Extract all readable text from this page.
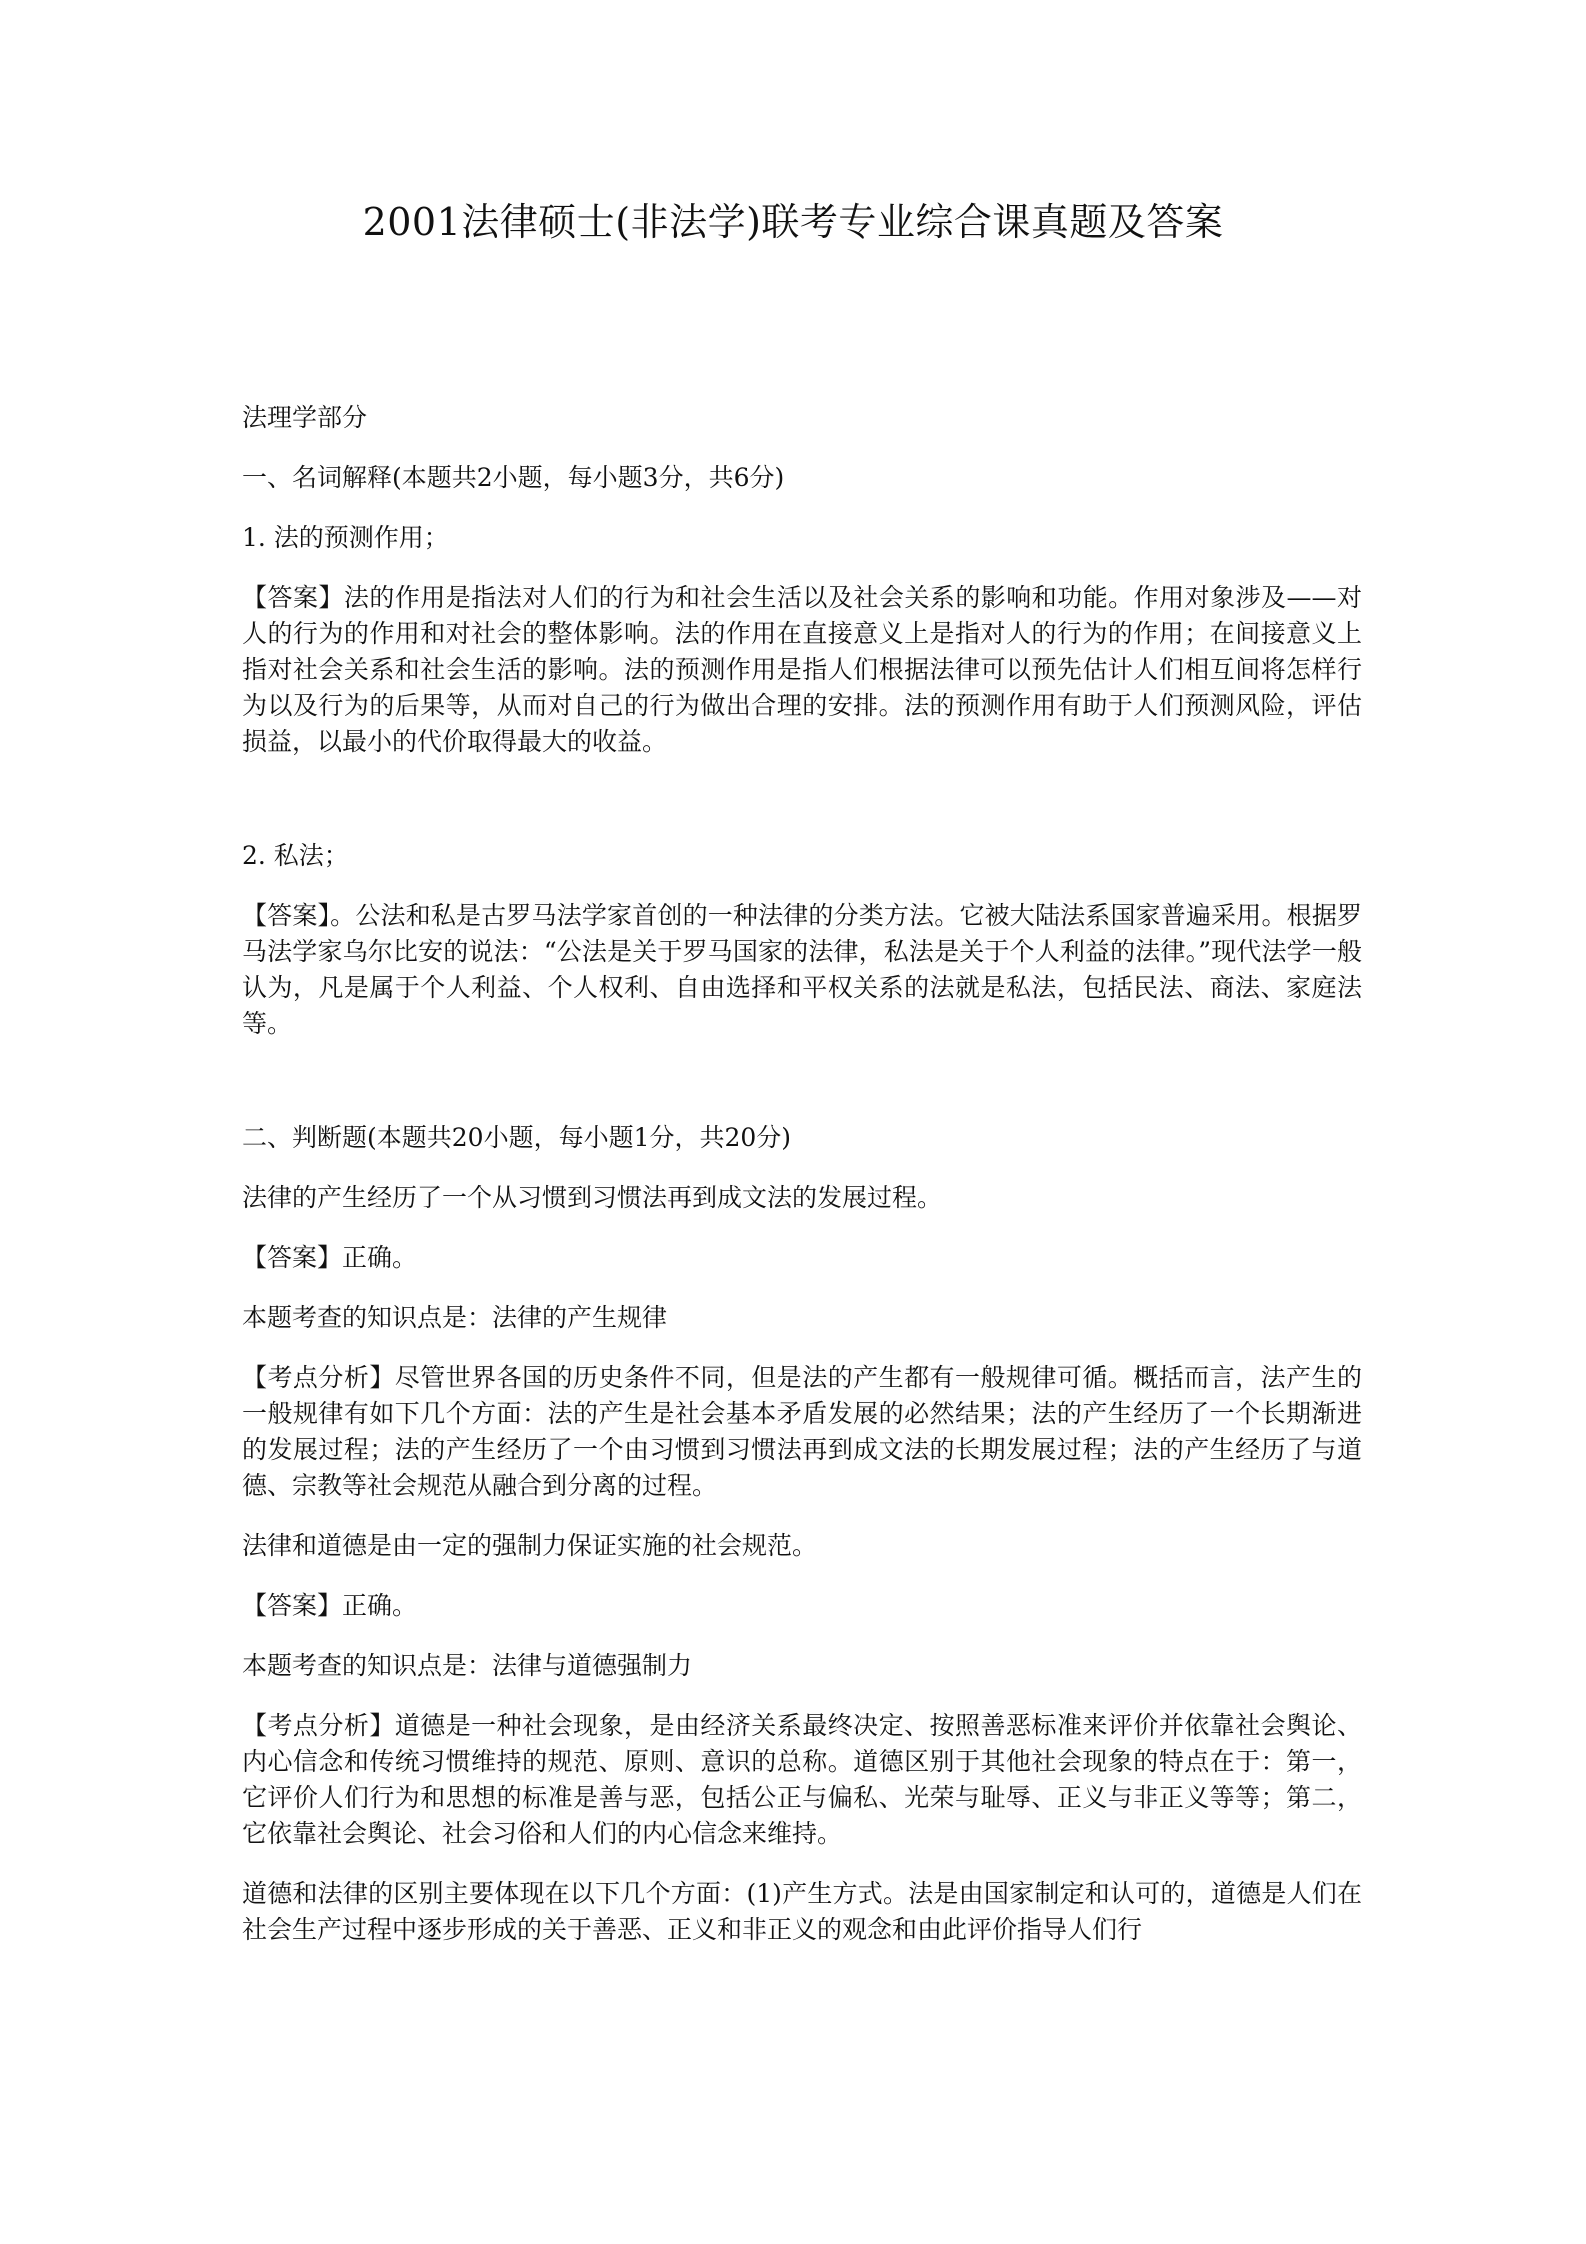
2001法律硕士(非法学)联考专业综合课真题及答案

法理学部分

一、名词解释(本题共2小题，每小题3分，共6分)

1. 法的预测作用；

【答案】法的作用是指法对人们的行为和社会生活以及社会关系的影响和功能。作用对象涉及——对人的行为的作用和对社会的整体影响。法的作用在直接意义上是指对人的行为的作用；在间接意义上指对社会关系和社会生活的影响。法的预测作用是指人们根据法律可以预先估计人们相互间将怎样行为以及行为的后果等，从而对自己的行为做出合理的安排。法的预测作用有助于人们预测风险，评估损益，以最小的代价取得最大的收益。

2. 私法；

【答案】。公法和私是古罗马法学家首创的一种法律的分类方法。它被大陆法系国家普遍采用。根据罗马法学家乌尔比安的说法：“公法是关于罗马国家的法律，私法是关于个人利益的法律。”现代法学一般认为，凡是属于个人利益、个人权利、自由选择和平权关系的法就是私法，包括民法、商法、家庭法等。

二、判断题(本题共20小题，每小题1分，共20分)

法律的产生经历了一个从习惯到习惯法再到成文法的发展过程。

【答案】正确。

本题考查的知识点是：法律的产生规律

【考点分析】尽管世界各国的历史条件不同，但是法的产生都有一般规律可循。概括而言，法产生的一般规律有如下几个方面：法的产生是社会基本矛盾发展的必然结果；法的产生经历了一个长期渐进的发展过程；法的产生经历了一个由习惯到习惯法再到成文法的长期发展过程；法的产生经历了与道德、宗教等社会规范从融合到分离的过程。

法律和道德是由一定的强制力保证实施的社会规范。

【答案】正确。

本题考查的知识点是：法律与道德强制力

【考点分析】道德是一种社会现象，是由经济关系最终决定、按照善恶标准来评价并依靠社会舆论、内心信念和传统习惯维持的规范、原则、意识的总称。道德区别于其他社会现象的特点在于：第一，它评价人们行为和思想的标准是善与恶，包括公正与偏私、光荣与耻辱、正义与非正义等等；第二，它依靠社会舆论、社会习俗和人们的内心信念来维持。

道德和法律的区别主要体现在以下几个方面：(1)产生方式。法是由国家制定和认可的，道德是人们在社会生产过程中逐步形成的关于善恶、正义和非正义的观念和由此评价指导人们行
